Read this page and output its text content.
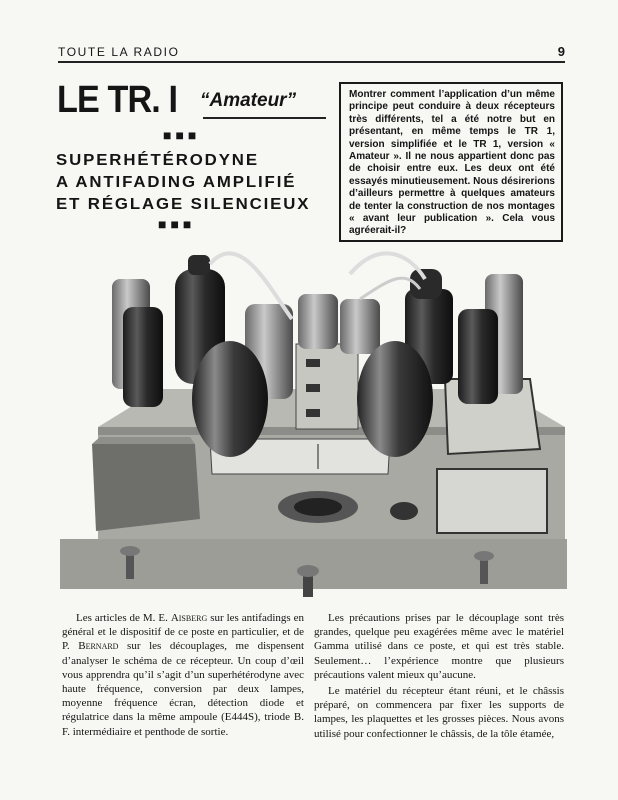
TOUTE LA RADIO	9
LE TR. I “Amateur”
■■■
SUPERHÉTÉRODYNE
A ANTIFADING AMPLIFIÉ
ET RÉGLAGE SILENCIEUX
■■■
Montrer comment l’application d’un même principe peut conduire à deux récepteurs très différents, tel a été notre but en présentant, en même temps le TR 1, version simplifiée et le TR 1, version « Amateur ». Il ne nous appartient donc pas de choisir entre eux. Les deux ont été essayés minutieusement. Nous désirerions d’ailleurs permettre à quelques amateurs de tenter la construction de nos montages « avant leur publication ». Cela vous agréerait-il?

Les articles de M. E. Aisberg sur les antifadings en général et le dispositif de ce poste en particulier, et de P. Bernard sur les découplages, me dispensent d’analyser le schéma de ce récepteur. Un coup d’œil vous apprendra qu’il s’agit d’un superhétérodyne avec haute fréquence, conversion par deux lampes, moyenne fréquence écran, détection diode et régulatrice dans la même ampoule (E444S), triode B. F. intermédiaire et penthode de sortie.

Les précautions prises par le découplage sont très grandes, quelque peu exagérées même avec le matériel Gamma utilisé dans ce poste, et qui est très stable. Seulement… l’expérience montre que plusieurs précautions valent mieux qu’aucune.

Le matériel du récepteur étant réuni, et le châssis préparé, on commencera par fixer les supports de lampes, les plaquettes et les grosses pièces. Nous avons utilisé pour confectionner le châssis, de la tôle étamée,
